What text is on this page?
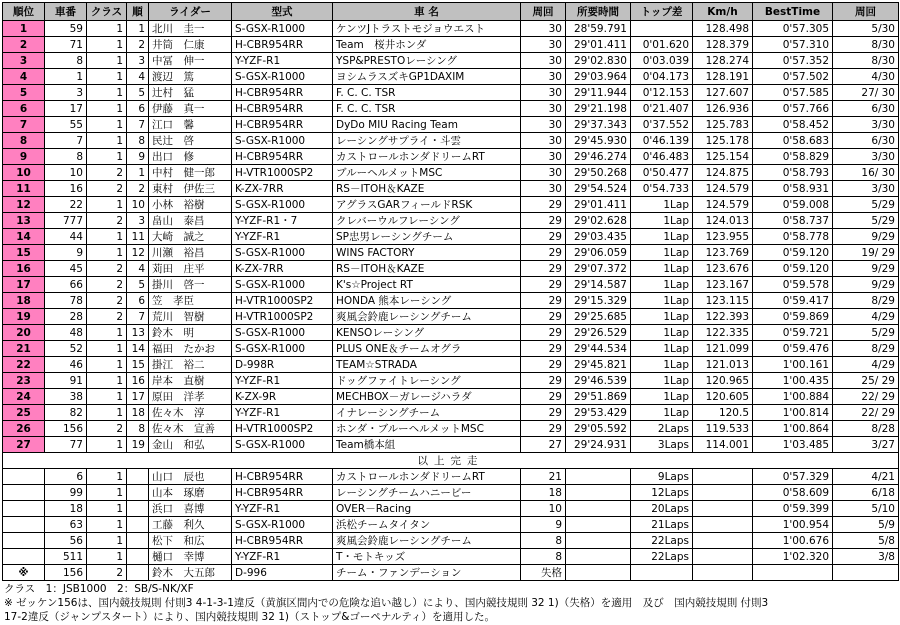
順位	車番	クラス	順	ライダー	型式	車 名	周回	所要時間	トップ差	Km/h	BestTime	周回
1	59	1	1	北川　圭一	S-GSX-R1000	ケンツJトラストモジョウエスト	30	28'59.791		128.498	0'57.305	5/30
2	71	1	2	井筒　仁康	H-CBR954RR	Team　桜井ホンダ	30	29'01.411	0'01.620	128.379	0'57.310	8/30
3	8	1	3	中冨　伸一	Y-YZF-R1	YSP&PRESTOレーシング	30	29'02.830	0'03.039	128.274	0'57.352	8/30
4	1	1	4	渡辺　篤	S-GSX-R1000	ヨシムラスズキGP1DAXIM	30	29'03.964	0'04.173	128.191	0'57.502	4/30
5	3	1	5	辻村　猛	H-CBR954RR	F. C. C. TSR	30	29'11.944	0'12.153	127.607	0'57.585	27/ 30
6	17	1	6	伊藤　真一	H-CBR954RR	F. C. C. TSR	30	29'21.198	0'21.407	126.936	0'57.766	6/30
7	55	1	7	江口　馨	H-CBR954RR	DyDo MIU Racing Team	30	29'37.343	0'37.552	125.783	0'58.452	3/30
8	7	1	8	民辻　啓	S-GSX-R1000	レーシングサプライ・斗雲	30	29'45.930	0'46.139	125.178	0'58.683	6/30
9	8	1	9	出口　修	H-CBR954RR	カストロールホンダドリームRT	30	29'46.274	0'46.483	125.154	0'58.829	3/30
10	10	2	1	中村　健一郎	H-VTR1000SP2	ブルーヘルメットMSC	30	29'50.268	0'50.477	124.875	0'58.793	16/ 30
11	16	2	2	東村　伊佐三	K-ZX-7RR	RS－ITOH＆KAZE	30	29'54.524	0'54.733	124.579	0'58.931	3/30
12	22	1	10	小林　裕樹	S-GSX-R1000	アグラスGARフィールドRSK	29	29'01.411	1Lap	124.579	0'59.008	5/29
13	777	2	3	畠山　泰昌	Y-YZF-R1・7	クレバーウルフレーシング	29	29'02.628	1Lap	124.013	0'58.737	5/29
14	44	1	11	大崎　誠之	Y-YZF-R1	SP忠男レーシングチーム	29	29'03.435	1Lap	123.955	0'58.778	9/29
15	9	1	12	川瀬　裕昌	S-GSX-R1000	WINS FACTORY	29	29'06.059	1Lap	123.769	0'59.120	19/ 29
16	45	2	4	苅田　庄平	K-ZX-7RR	RS－ITOH＆KAZE	29	29'07.372	1Lap	123.676	0'59.120	9/29
17	66	2	5	掛川　啓一	S-GSX-R1000	K's☆Project RT	29	29'14.587	1Lap	123.167	0'59.578	9/29
18	78	2	6	笠　孝臣	H-VTR1000SP2	HONDA 熊本レーシング	29	29'15.329	1Lap	123.115	0'59.417	8/29
19	28	2	7	荒川　智樹	H-VTR1000SP2	爽風会鈴鹿レーシングチーム	29	29'25.685	1Lap	122.393	0'59.869	4/29
20	48	1	13	鈴木　明	S-GSX-R1000	KENSOレーシング	29	29'26.529	1Lap	122.335	0'59.721	5/29
21	52	1	14	福田　たかお	S-GSX-R1000	PLUS ONE＆チームオグラ	29	29'44.534	1Lap	121.099	0'59.476	8/29
22	46	1	15	掛江　裕二	D-998R	TEAM☆STRADA	29	29'45.821	1Lap	121.013	1'00.161	4/29
23	91	1	16	岸本　直樹	Y-YZF-R1	ドッグファイトレーシング	29	29'46.539	1Lap	120.965	1'00.435	25/ 29
24	38	1	17	原田　洋孝	K-ZX-9R	MECHBOX－ガレージハラダ	29	29'51.869	1Lap	120.605	1'00.884	22/ 29
25	82	1	18	佐々木　淳	Y-YZF-R1	イナレーシングチーム	29	29'53.429	1Lap	120.5	1'00.814	22/ 29
26	156	2	8	佐々木　宣善	H-VTR1000SP2	ホンダ・ブルーヘルメットMSC	29	29'05.592	2Laps	119.533	1'00.864	8/28
27	77	1	19	金山　和弘	S-GSX-R1000	Team橋本組	27	29'24.931	3Laps	114.001	1'03.485	3/27
以上完走												
	6	1		山口　辰也	H-CBR954RR	カストロールホンダドリームRT	21		9Laps		0'57.329	4/21
	99	1		山本　琢磨	H-CBR954RR	レーシングチームハニービー	18		12Laps		0'58.609	6/18
	18	1		浜口　喜博	Y-YZF-R1	OVER－Racing	10		20Laps		0'59.399	5/10
	63	1		工藤　利久	S-GSX-R1000	浜松チームタイタン	9		21Laps		1'00.954	5/9
	56	1		松下　和広	H-CBR954RR	爽風会鈴鹿レーシングチーム	8		22Laps		1'00.676	5/8
	511	1		樋口　幸博	Y-YZF-R1	T・モトキッズ	8		22Laps		1'02.320	3/8
※	156	2		鈴木　大五郎	D-996	チーム・ファンデーション	失格					
クラス　1：JSB1000　2：SB/S-NK/XF
※ ゼッケン156は、国内競技規則 付則3 4-1-3-1違反（黄旗区間内での危険な追い越し）により、国内競技規則 32 1)（失格）を適用　及び　国内競技規則 付則3
17-2違反（ジャンプスタート）により、国内競技規則 32 1)（ストップ&ゴーペナルティ）を適用した。
